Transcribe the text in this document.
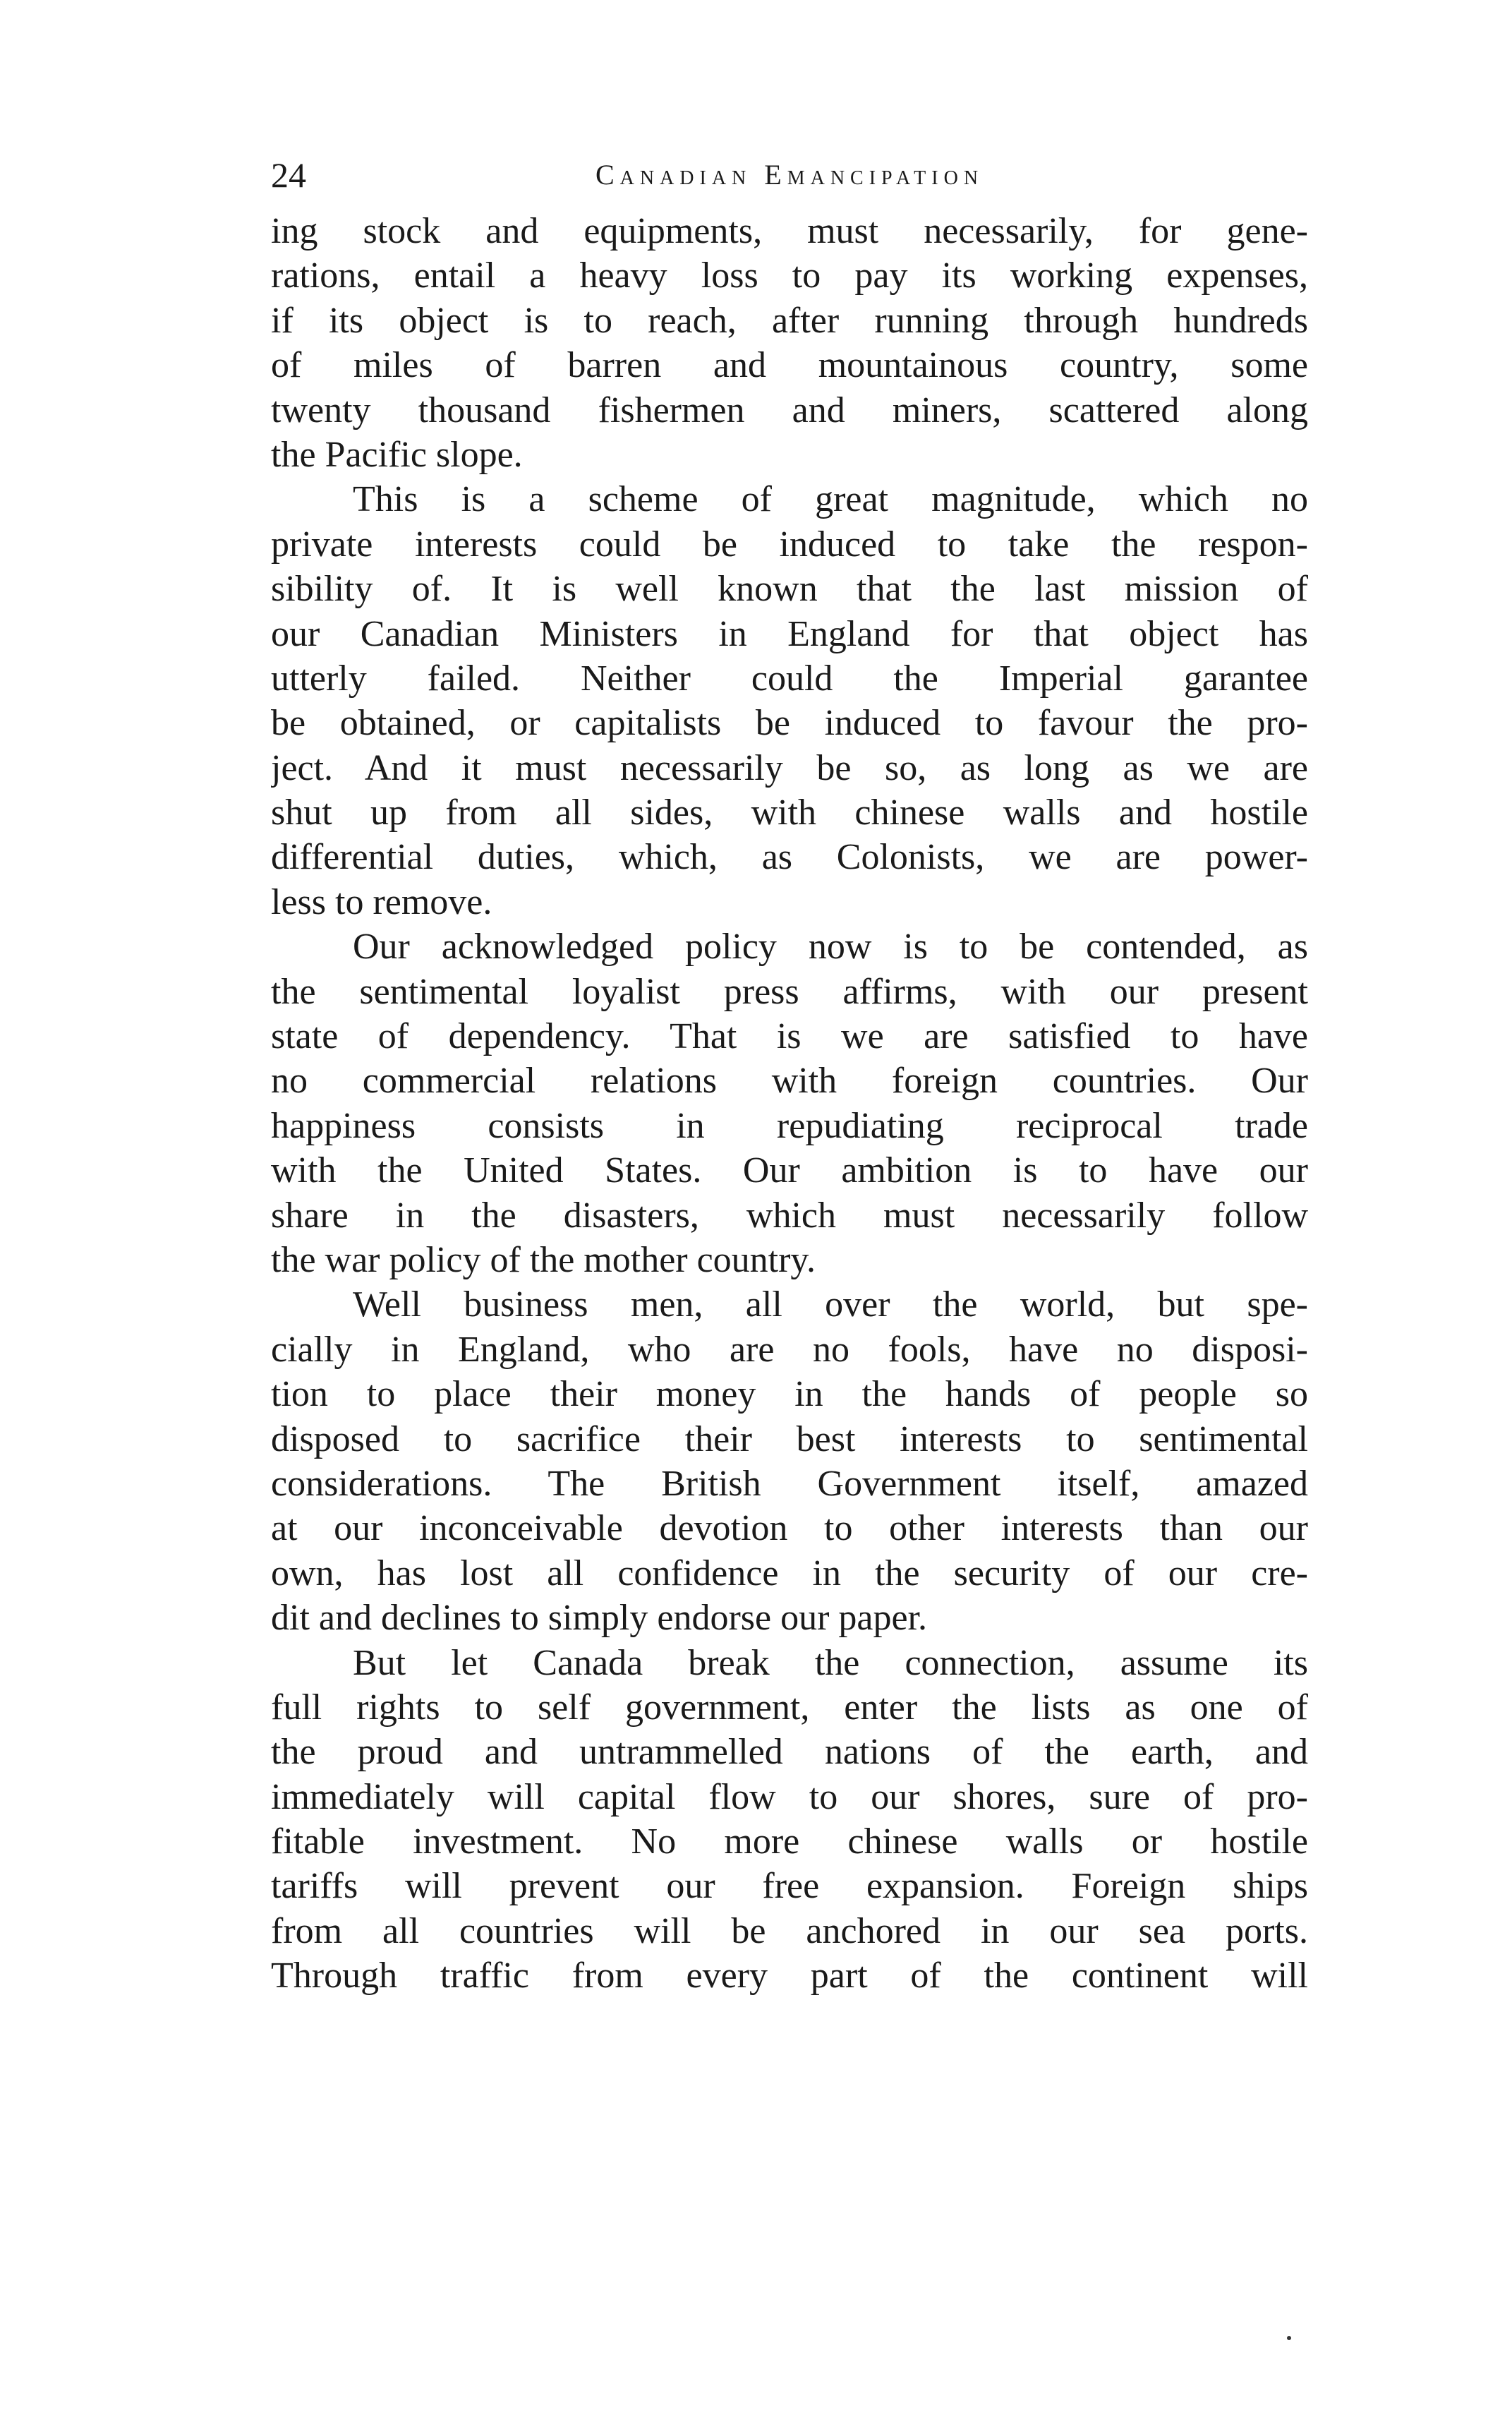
24	Canadian Emancipation
ing stock and equipments, must necessarily, for gene-
rations, entail a heavy loss to pay its working expenses,
if its object is to reach, after running through hundreds
of miles of barren and mountainous country, some
twenty thousand fishermen and miners, scattered along
the Pacific slope.
This is a scheme of great magnitude, which no
private interests could be induced to take the respon-
sibility of. It is well known that the last mission of
our Canadian Ministers in England for that object has
utterly failed. Neither could the Imperial garantee
be obtained, or capitalists be induced to favour the pro-
ject. And it must necessarily be so, as long as we are
shut up from all sides, with chinese walls and hostile
differential duties, which, as Colonists, we are power-
less to remove.
Our acknowledged policy now is to be contended, as
the sentimental loyalist press affirms, with our present
state of dependency. That is we are satisfied to have
no commercial relations with foreign countries. Our
happiness consists in repudiating reciprocal trade
with the United States. Our ambition is to have our
share in the disasters, which must necessarily follow
the war policy of the mother country.
Well business men, all over the world, but spe-
cially in England, who are no fools, have no disposi-
tion to place their money in the hands of people so
disposed to sacrifice their best interests to sentimental
considerations. The British Government itself, amazed
at our inconceivable devotion to other interests than our
own, has lost all confidence in the security of our cre-
dit and declines to simply endorse our paper.
But let Canada break the connection, assume its
full rights to self government, enter the lists as one of
the proud and untrammelled nations of the earth, and
immediately will capital flow to our shores, sure of pro-
fitable investment. No more chinese walls or hostile
tariffs will prevent our free expansion. Foreign ships
from all countries will be anchored in our sea ports.
Through traffic from every part of the continent will
